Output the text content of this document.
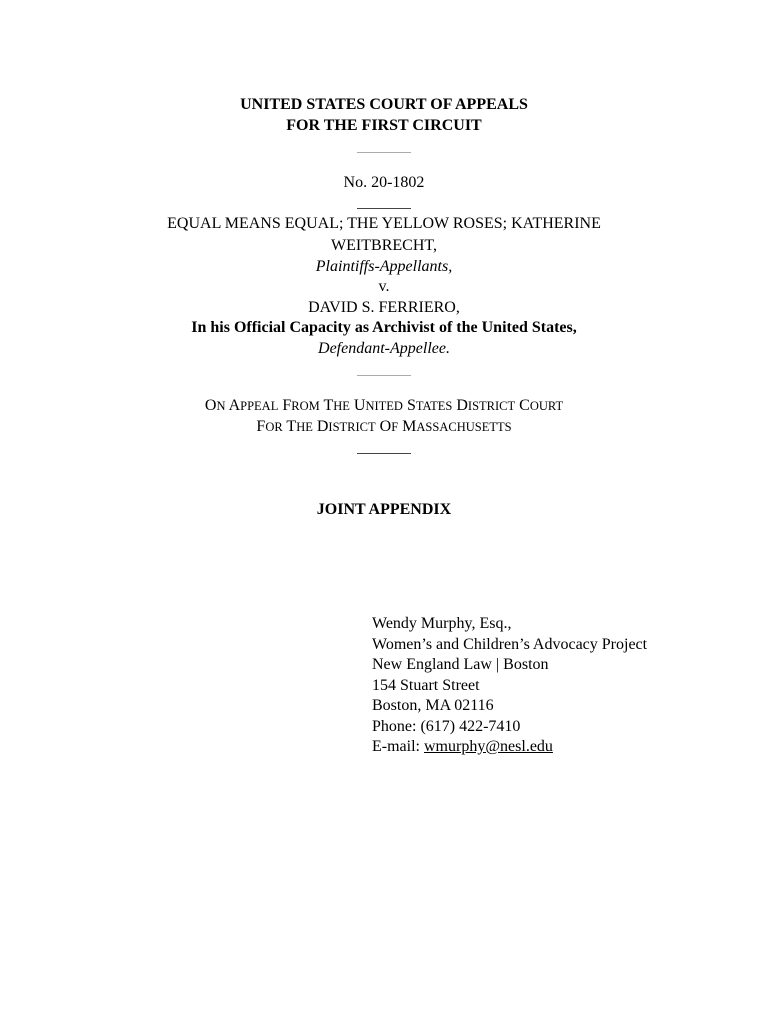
UNITED STATES COURT OF APPEALS
FOR THE FIRST CIRCUIT
No. 20-1802
EQUAL MEANS EQUAL; THE YELLOW ROSES; KATHERINE
WEITBRECHT,
Plaintiffs-Appellants,
v.
DAVID S. FERRIERO,
In his Official Capacity as Archivist of the United States,
Defendant-Appellee.
ON APPEAL FROM THE UNITED STATES DISTRICT COURT
FOR THE DISTRICT OF MASSACHUSETTS
JOINT APPENDIX
Wendy Murphy, Esq.,
Women’s and Children’s Advocacy Project
New England Law | Boston
154 Stuart Street
Boston, MA 02116
Phone: (617) 422-7410
E-mail: wmurphy@nesl.edu
